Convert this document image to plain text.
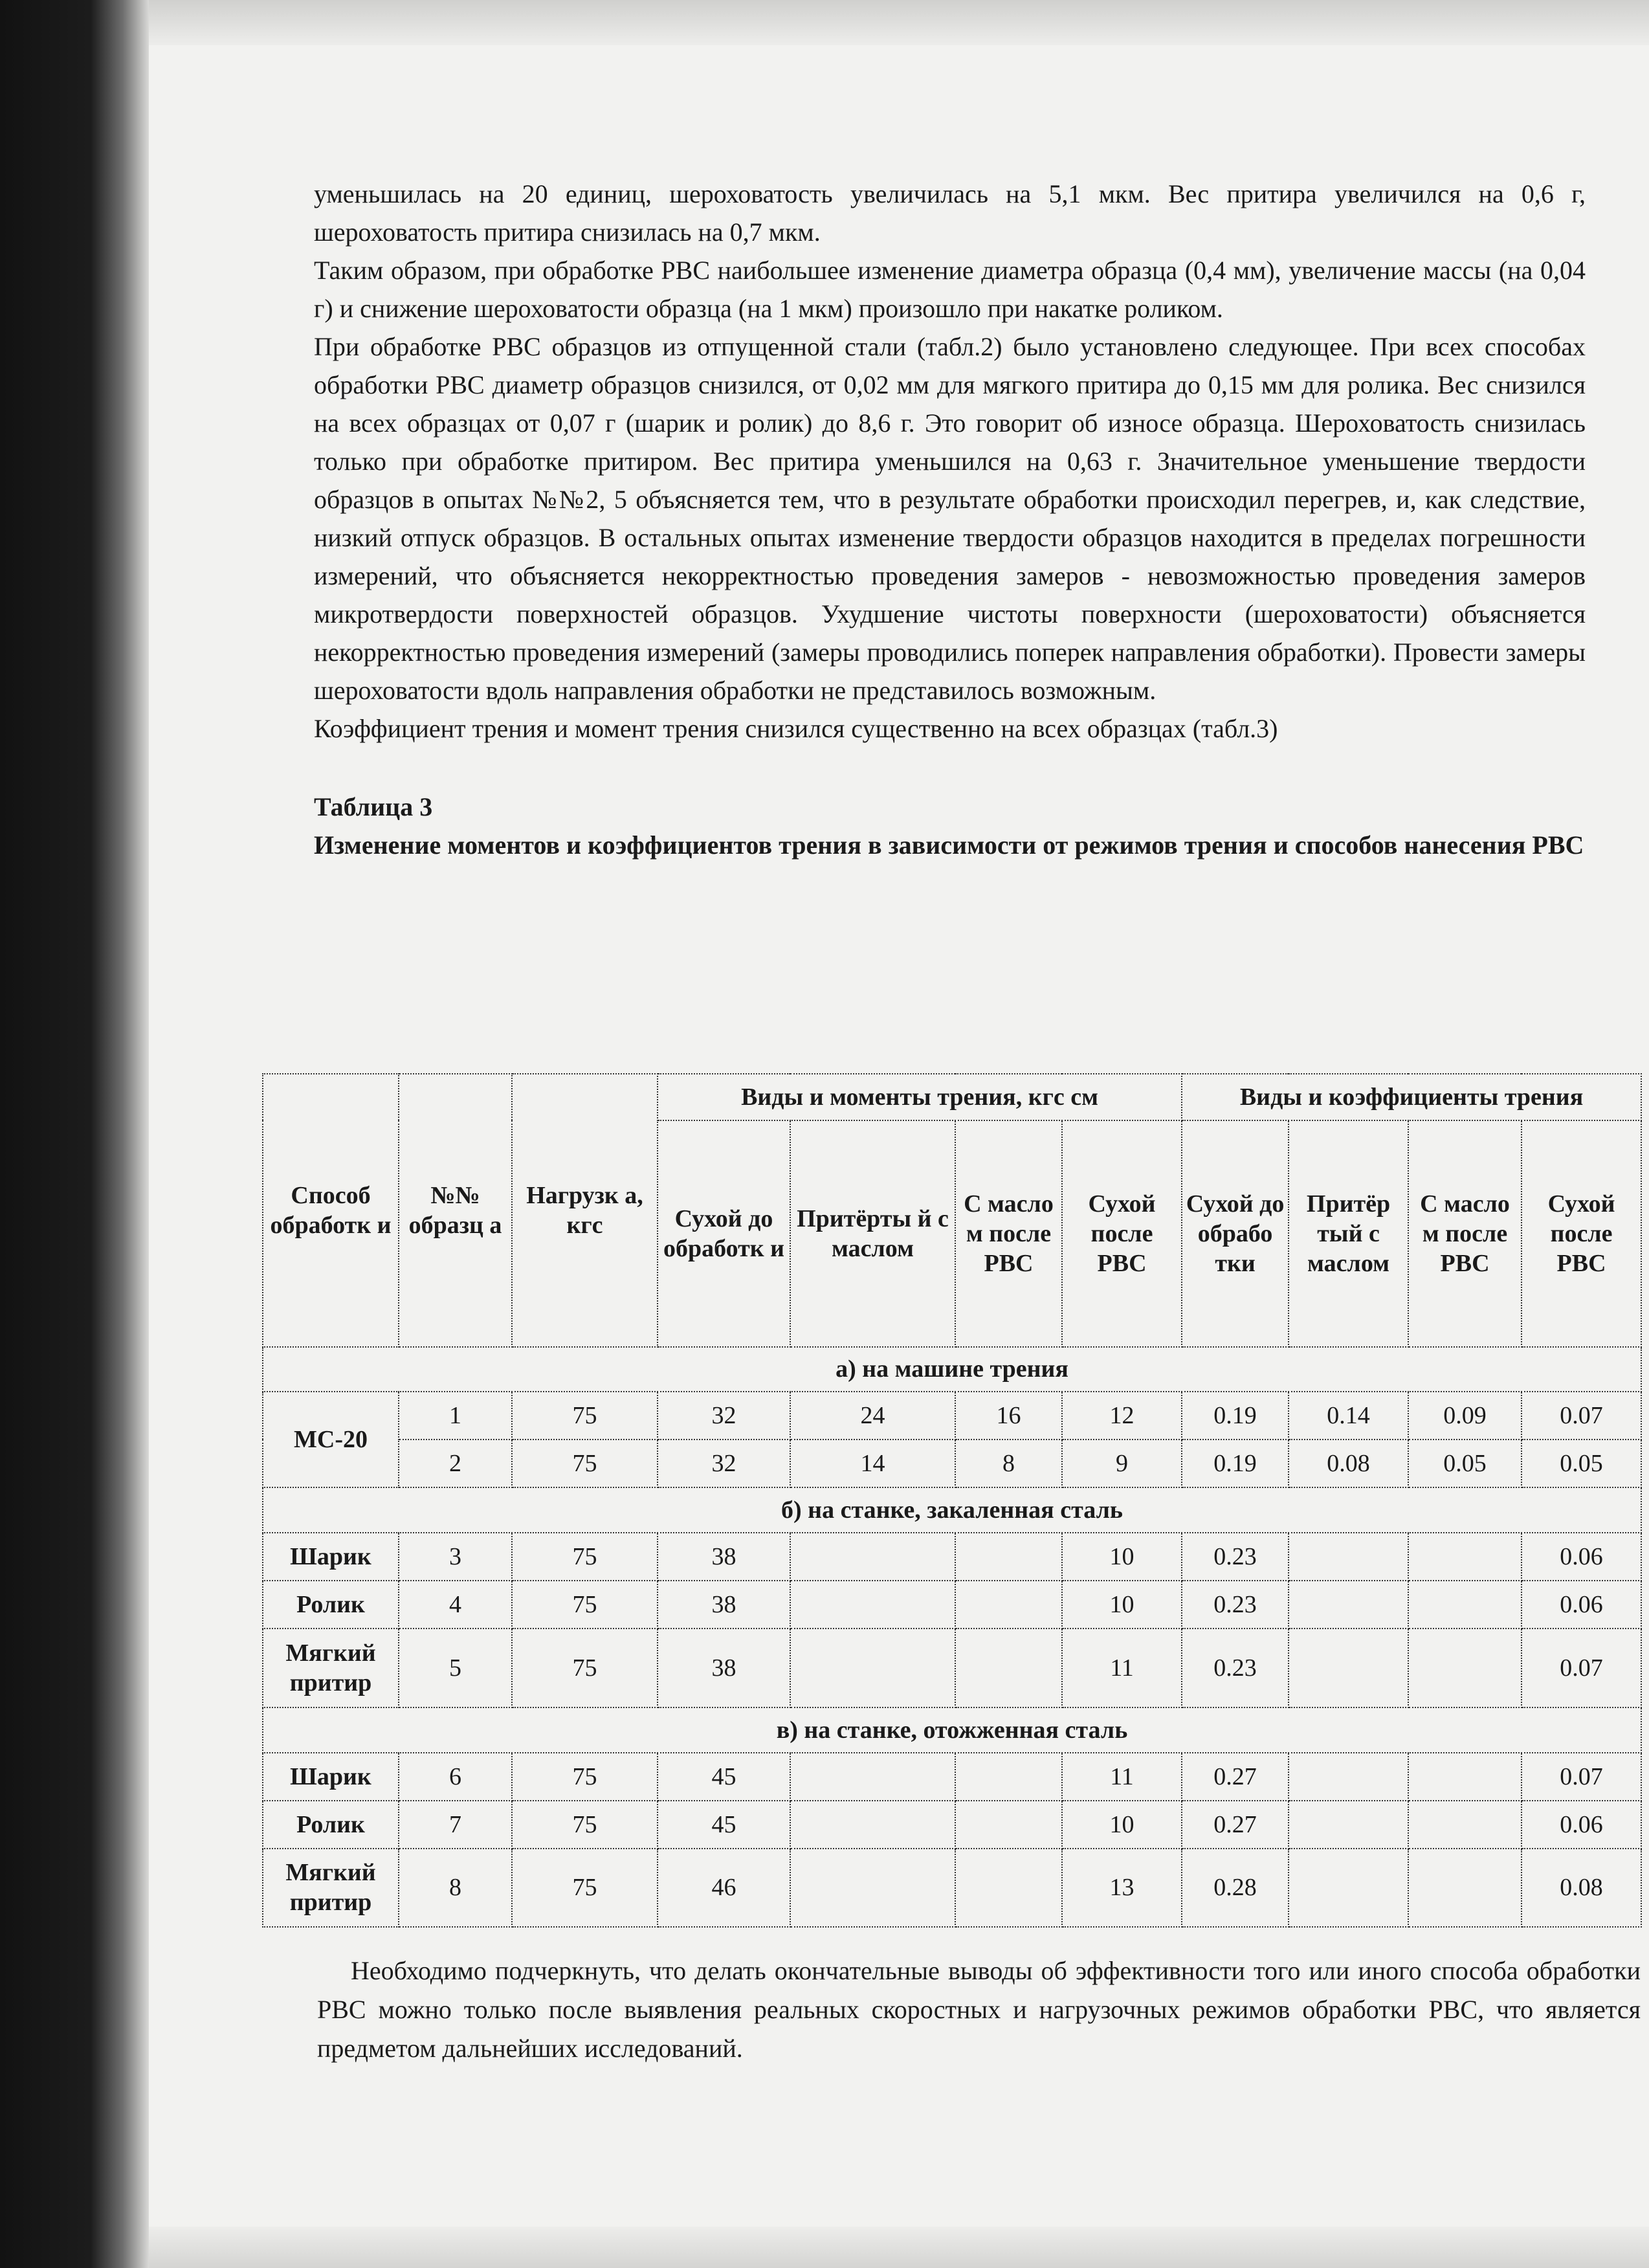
уменьшилась на 20 единиц, шероховатость увеличилась на 5,1 мкм. Вес притира увеличился на 0,6 г, шероховатость притира снизилась на 0,7 мкм.

Таким образом, при обработке РВС наибольшее изменение диаметра образца (0,4 мм), увеличение массы (на 0,04 г) и снижение шероховатости образца (на 1 мкм) произошло при накатке роликом.

При обработке РВС образцов из отпущенной стали (табл.2) было установлено следующее. При всех способах обработки РВС диаметр образцов снизился, от 0,02 мм для мягкого притира до 0,15 мм для ролика. Вес снизился на всех образцах от 0,07 г (шарик и ролик) до 8,6 г. Это говорит об износе образца. Шероховатость снизилась только при обработке притиром. Вес притира уменьшился на 0,63 г. Значительное уменьшение твердости образцов в опытах №№2, 5 объясняется тем, что в результате обработки происходил перегрев, и, как следствие, низкий отпуск образцов. В остальных опытах изменение твердости образцов находится в пределах погрешности измерений, что объясняется некорректностью проведения замеров - невозможностью проведения замеров микротвердости поверхностей образцов. Ухудшение чистоты поверхности (шероховатости) объясняется некорректностью проведения измерений (замеры проводились поперек направления обработки). Провести замеры шероховатости вдоль направления обработки не представилось возможным.

Коэффициент трения и момент трения снизился существенно на всех образцах (табл.3)

Таблица 3

Изменение моментов и коэффициентов трения в зависимости от режимов трения и способов нанесения РВС

Способ обработк и	№№ образц а	Нагрузк а, кгс	Виды и моменты трения, кгс см				Виды и коэффициенты трения			
			Сухой до обработк и	Притёрты й с маслом	С масло м после РВС	Сухой после РВС	Сухой до обрабо тки	Притёр тый с маслом	С масло м после РВС	Сухой после РВС
а) на машине трения										
МС-20	1	75	32	24	16	12	0.19	0.14	0.09	0.07
	2	75	32	14	8	9	0.19	0.08	0.05	0.05
б) на станке, закаленная сталь										
Шарик	3	75	38			10	0.23			0.06
Ролик	4	75	38			10	0.23			0.06
Мягкий притир	5	75	38			11	0.23			0.07
в) на станке, отожженная сталь										
Шарик	6	75	45			11	0.27			0.07
Ролик	7	75	45			10	0.27			0.06
Мягкий притир	8	75	46			13	0.28			0.08

Необходимо подчеркнуть, что делать окончательные выводы об эффективности того или иного способа обработки РВС можно только после выявления реальных скоростных и нагрузочных режимов обработки РВС, что является предметом дальнейших исследований.
